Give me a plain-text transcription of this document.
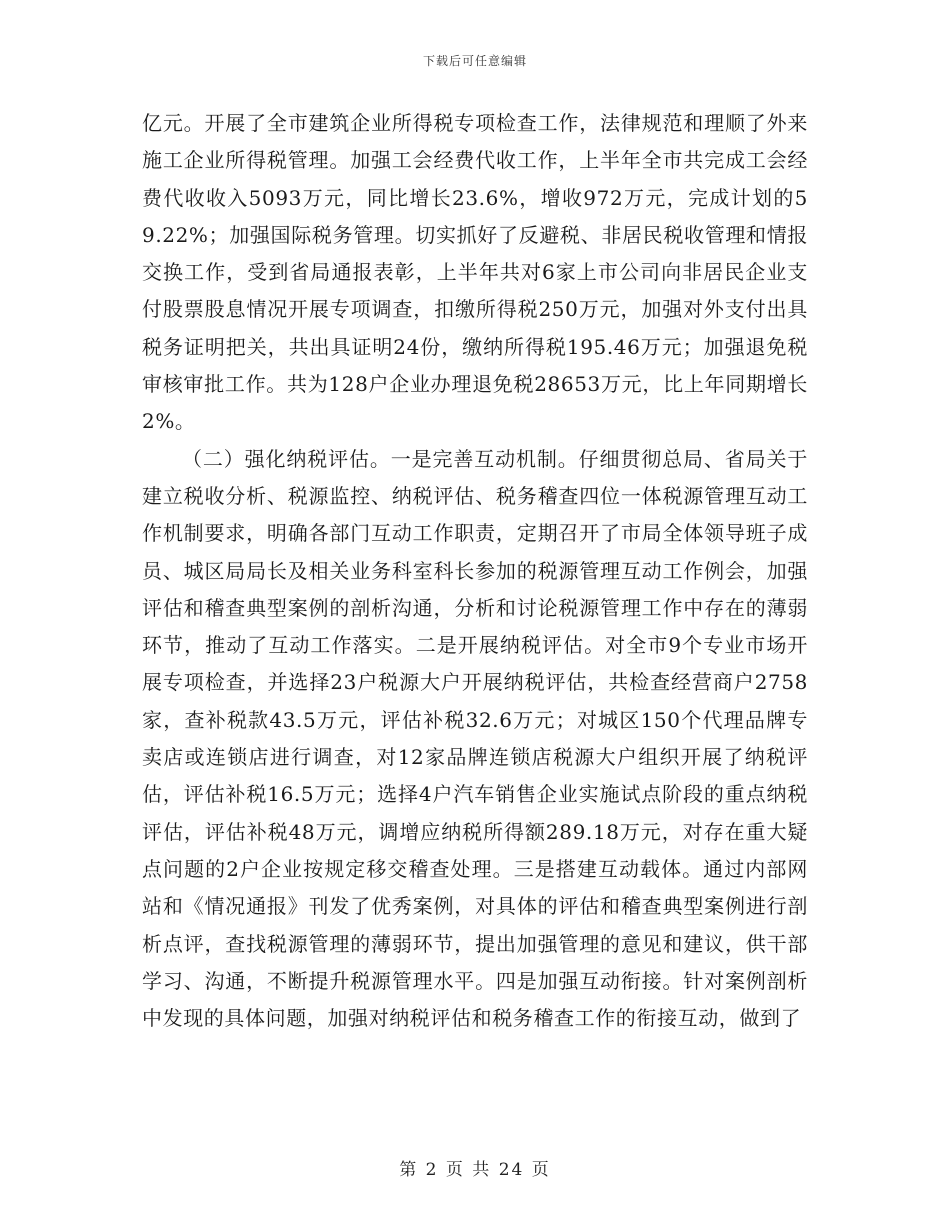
下载后可任意编辑

亿元。开展了全市建筑企业所得税专项检查工作，法律规范和理顺了外来施工企业所得税管理。加强工会经费代收工作，上半年全市共完成工会经费代收收入5093万元，同比增长23.6%，增收972万元，完成计划的59.22%；加强国际税务管理。切实抓好了反避税、非居民税收管理和情报交换工作，受到省局通报表彰，上半年共对6家上市公司向非居民企业支付股票股息情况开展专项调查，扣缴所得税250万元，加强对外支付出具税务证明把关，共出具证明24份，缴纳所得税195.46万元；加强退免税审核审批工作。共为128户企业办理退免税28653万元，比上年同期增长2%。

（二）强化纳税评估。一是完善互动机制。仔细贯彻总局、省局关于建立税收分析、税源监控、纳税评估、税务稽查四位一体税源管理互动工作机制要求，明确各部门互动工作职责，定期召开了市局全体领导班子成员、城区局局长及相关业务科室科长参加的税源管理互动工作例会，加强评估和稽查典型案例的剖析沟通，分析和讨论税源管理工作中存在的薄弱环节，推动了互动工作落实。二是开展纳税评估。对全市9个专业市场开展专项检查，并选择23户税源大户开展纳税评估，共检查经营商户2758家，查补税款43.5万元，评估补税32.6万元；对城区150个代理品牌专卖店或连锁店进行调查，对12家品牌连锁店税源大户组织开展了纳税评估，评估补税16.5万元；选择4户汽车销售企业实施试点阶段的重点纳税评估，评估补税48万元，调增应纳税所得额289.18万元，对存在重大疑点问题的2户企业按规定移交稽查处理。三是搭建互动载体。通过内部网站和《情况通报》刊发了优秀案例，对具体的评估和稽查典型案例进行剖析点评，查找税源管理的薄弱环节，提出加强管理的意见和建议，供干部学习、沟通，不断提升税源管理水平。四是加强互动衔接。针对案例剖析中发现的具体问题，加强对纳税评估和税务稽查工作的衔接互动，做到了

第 2 页 共 24 页
